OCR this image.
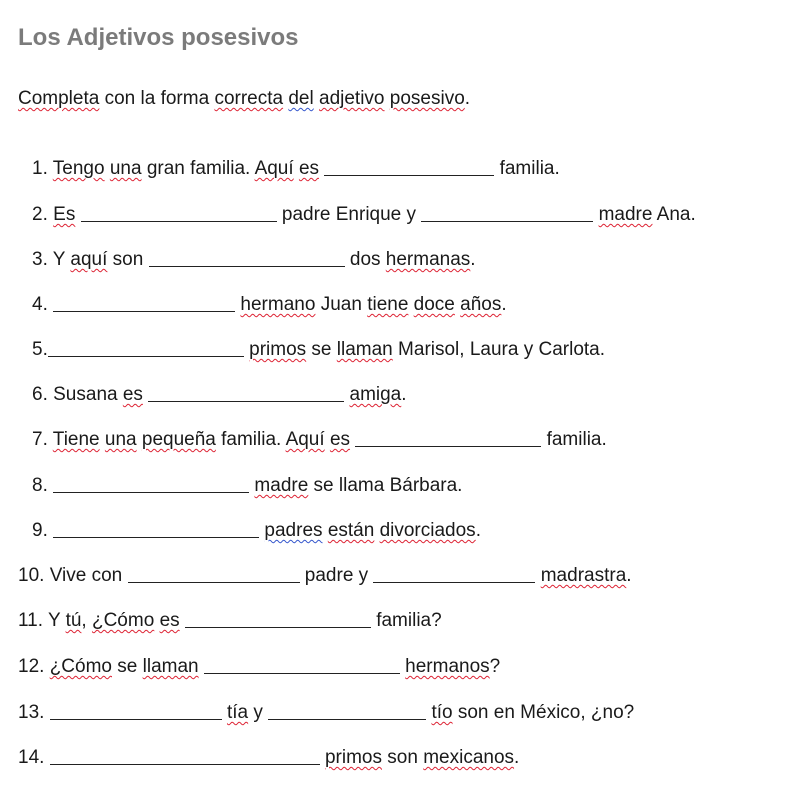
Los Adjetivos posesivos
Completa con la forma correcta del adjetivo posesivo.
1. Tengo una gran familia. Aquí es	familia.
2. Es	padre Enrique y	madre Ana.
3. Y aquí son	dos hermanas.
4.	hermano Juan tiene doce años.
5.	primos se llaman Marisol, Laura y Carlota.
6. Susana es	amiga.
7. Tiene una pequeña familia. Aquí es	familia.
8.	madre se llama Bárbara.
9.	padres están divorciados.
10. Vive con	padre y	madrastra.
11. Y tú, ¿Cómo es	familia?
12. ¿Cómo se llaman	hermanos?
13.	tía y	tío son en México, ¿no?
14.	primos son mexicanos.
